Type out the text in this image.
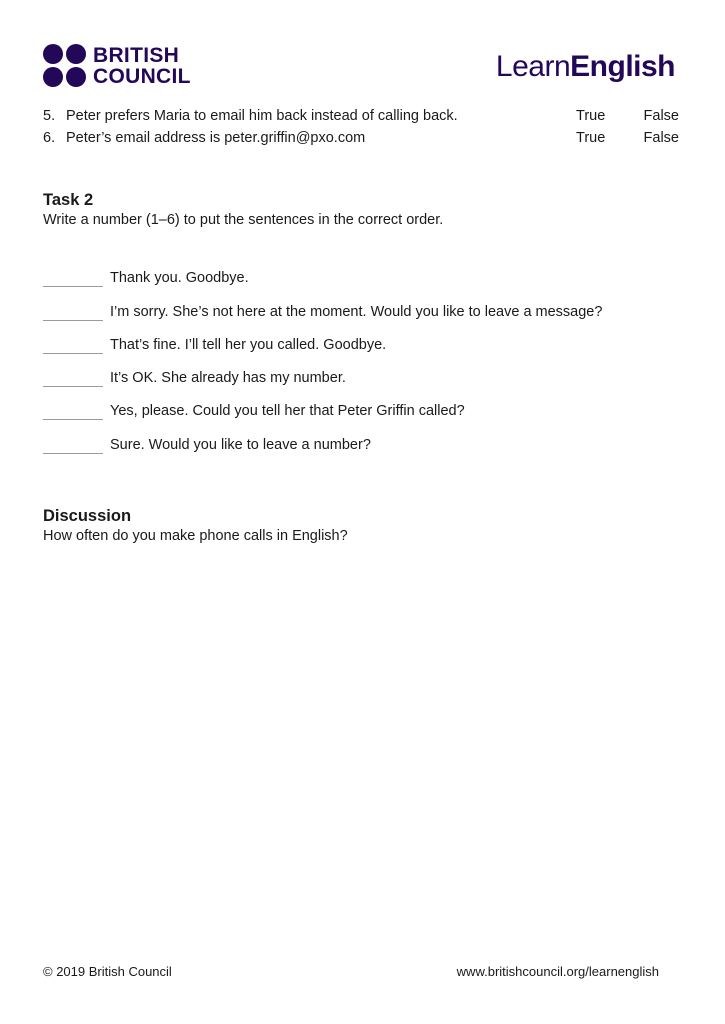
BRITISH
COUNCIL	LearnEnglish
5. Peter prefers Maria to email him back instead of calling back.	True	False
6. Peter’s email address is peter.griffin@pxo.com	True	False

Task 2

Write a number (1–6) to put the sentences in the correct order.

Thank you. Goodbye.
I’m sorry. She’s not here at the moment. Would you like to leave a message?
That’s fine. I’ll tell her you called. Goodbye.
It’s OK. She already has my number.
Yes, please. Could you tell her that Peter Griffin called?
Sure. Would you like to leave a number?

Discussion

How often do you make phone calls in English?

© 2019 British Council	www.britishcouncil.org/learnenglish
